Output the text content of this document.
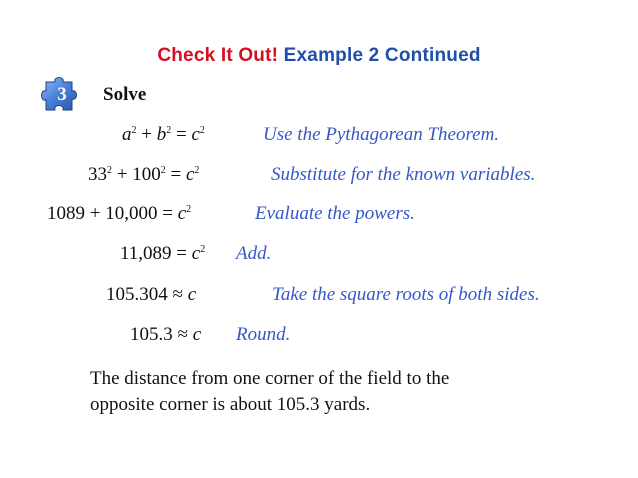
Check It Out! Example 2 Continued
3 Solve
$a^2 + b^2 = c^2$	Use the Pythagorean Theorem.
$33^2 + 100^2 = c^2$	Substitute for the known variables.
$1089 + 10,000 = c^2$	Evaluate the powers.
$11,089 = c^2$ Add.
105.304 ≈ c	Take the square roots of both sides.
105.3 ≈ c Round.
The distance from one corner of the field to the
opposite corner is about 105.3 yards.
